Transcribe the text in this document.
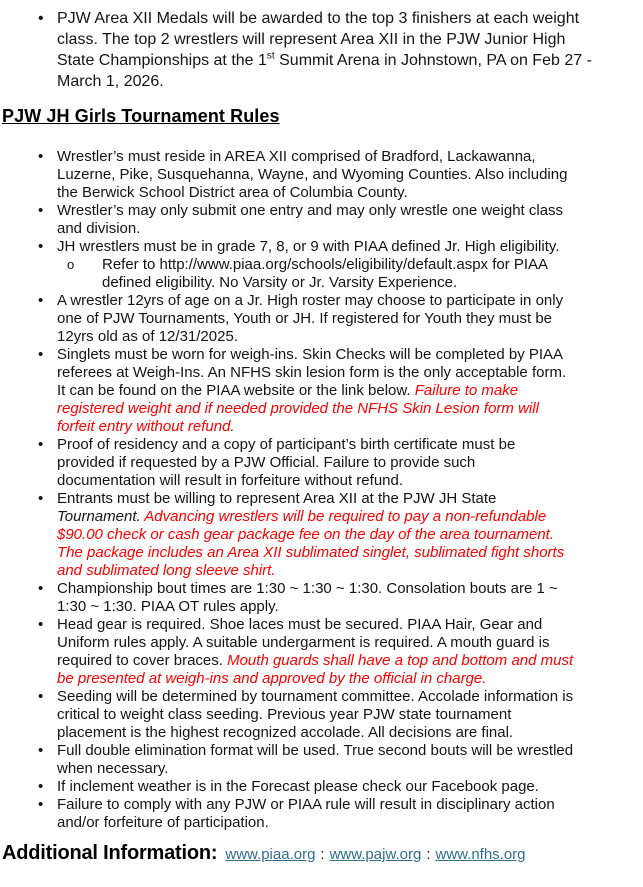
• PJW Area XII Medals will be awarded to the top 3 finishers at each weight class. The top 2 wrestlers will represent Area XII in the PJW Junior High State Championships at the 1st Summit Arena in Johnstown, PA on Feb 27 -March 1, 2026.
PJW JH Girls Tournament Rules
• Wrestler’s must reside in AREA XII comprised of Bradford, Lackawanna, Luzerne, Pike, Susquehanna, Wayne, and Wyoming Counties. Also including the Berwick School District area of Columbia County.
• Wrestler’s may only submit one entry and may only wrestle one weight class and division.
• JH wrestlers must be in grade 7, 8, or 9 with PIAA defined Jr. High eligibility.
o Refer to http://www.piaa.org/schools/eligibility/default.aspx for PIAA defined eligibility. No Varsity or Jr. Varsity Experience.
• A wrestler 12yrs of age on a Jr. High roster may choose to participate in only one of PJW Tournaments, Youth or JH. If registered for Youth they must be 12yrs old as of 12/31/2025.
• Singlets must be worn for weigh-ins. Skin Checks will be completed by PIAA referees at Weigh-Ins. An NFHS skin lesion form is the only acceptable form. It can be found on the PIAA website or the link below. Failure to make registered weight and if needed provided the NFHS Skin Lesion form will forfeit entry without refund.
• Proof of residency and a copy of participant’s birth certificate must be provided if requested by a PJW Official. Failure to provide such documentation will result in forfeiture without refund.
• Entrants must be willing to represent Area XII at the PJW JH State Tournament. Advancing wrestlers will be required to pay a non-refundable $90.00 check or cash gear package fee on the day of the area tournament. The package includes an Area XII sublimated singlet, sublimated fight shorts and sublimated long sleeve shirt.
• Championship bout times are 1:30 ~ 1:30 ~ 1:30. Consolation bouts are 1 ~ 1:30 ~ 1:30. PIAA OT rules apply.
• Head gear is required. Shoe laces must be secured. PIAA Hair, Gear and Uniform rules apply. A suitable undergarment is required. A mouth guard is required to cover braces. Mouth guards shall have a top and bottom and must be presented at weigh-ins and approved by the official in charge.
• Seeding will be determined by tournament committee. Accolade information is critical to weight class seeding. Previous year PJW state tournament placement is the highest recognized accolade. All decisions are final.
• Full double elimination format will be used. True second bouts will be wrestled when necessary.
• If inclement weather is in the Forecast please check our Facebook page.
• Failure to comply with any PJW or PIAA rule will result in disciplinary action and/or forfeiture of participation.
Additional Information: www.piaa.org : www.pajw.org : www.nfhs.org
